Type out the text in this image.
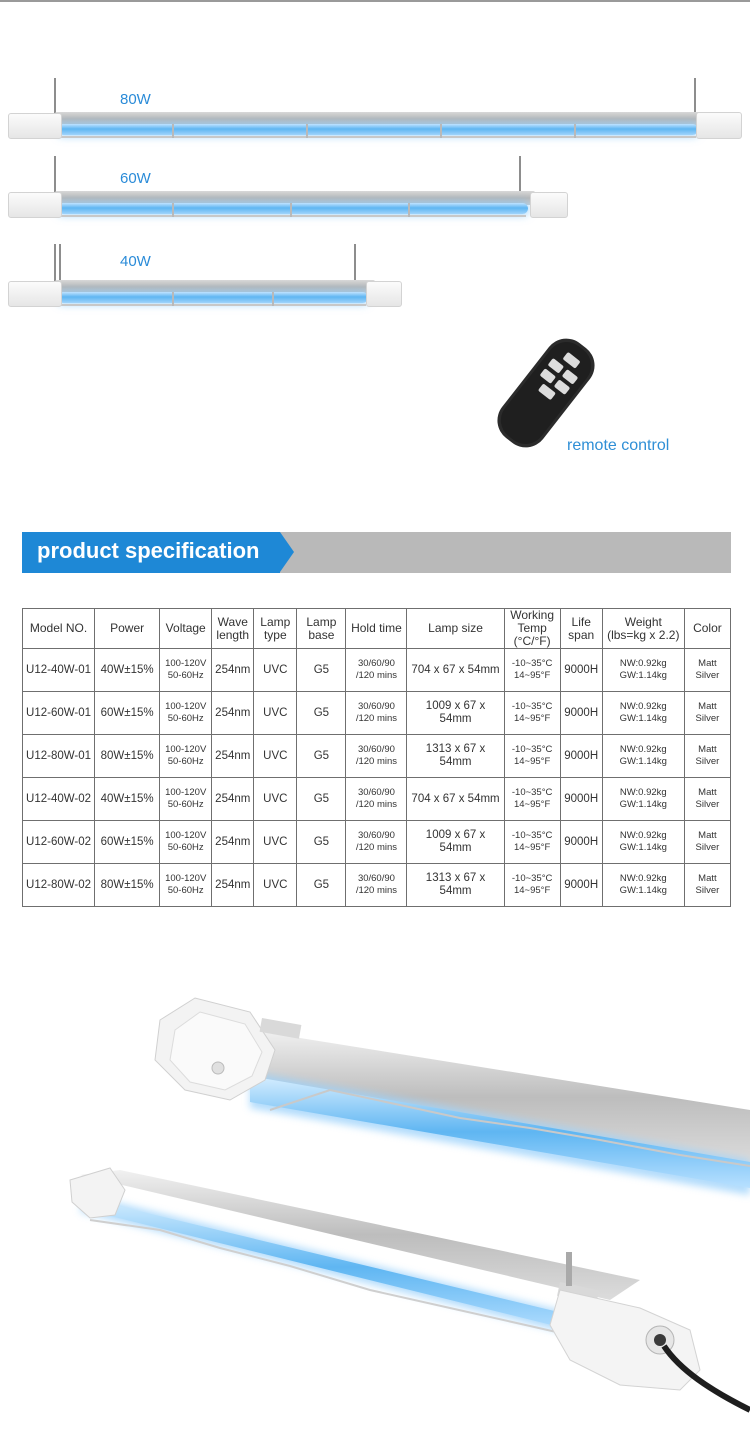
80W
60W
40W
remote control
product specification
Model NO.	Power	Voltage	Wave length	Lamp type	Lamp base	Hold time	Lamp size	Working Temp (°C/°F)	Life span	Weight (lbs=kg x 2.2)	Color
U12-40W-01	40W±15%	100-120V 50-60Hz	254nm	UVC	G5	30/60/90 /120 mins	704 x 67 x 54mm	-10~35°C 14~95°F	9000H	NW:0.92kg GW:1.14kg	Matt Silver
U12-60W-01	60W±15%	100-120V 50-60Hz	254nm	UVC	G5	30/60/90 /120 mins	1009 x 67 x 54mm	-10~35°C 14~95°F	9000H	NW:0.92kg GW:1.14kg	Matt Silver
U12-80W-01	80W±15%	100-120V 50-60Hz	254nm	UVC	G5	30/60/90 /120 mins	1313 x 67 x 54mm	-10~35°C 14~95°F	9000H	NW:0.92kg GW:1.14kg	Matt Silver
U12-40W-02	40W±15%	100-120V 50-60Hz	254nm	UVC	G5	30/60/90 /120 mins	704 x 67 x 54mm	-10~35°C 14~95°F	9000H	NW:0.92kg GW:1.14kg	Matt Silver
U12-60W-02	60W±15%	100-120V 50-60Hz	254nm	UVC	G5	30/60/90 /120 mins	1009 x 67 x 54mm	-10~35°C 14~95°F	9000H	NW:0.92kg GW:1.14kg	Matt Silver
U12-80W-02	80W±15%	100-120V 50-60Hz	254nm	UVC	G5	30/60/90 /120 mins	1313 x 67 x 54mm	-10~35°C 14~95°F	9000H	NW:0.92kg GW:1.14kg	Matt Silver
